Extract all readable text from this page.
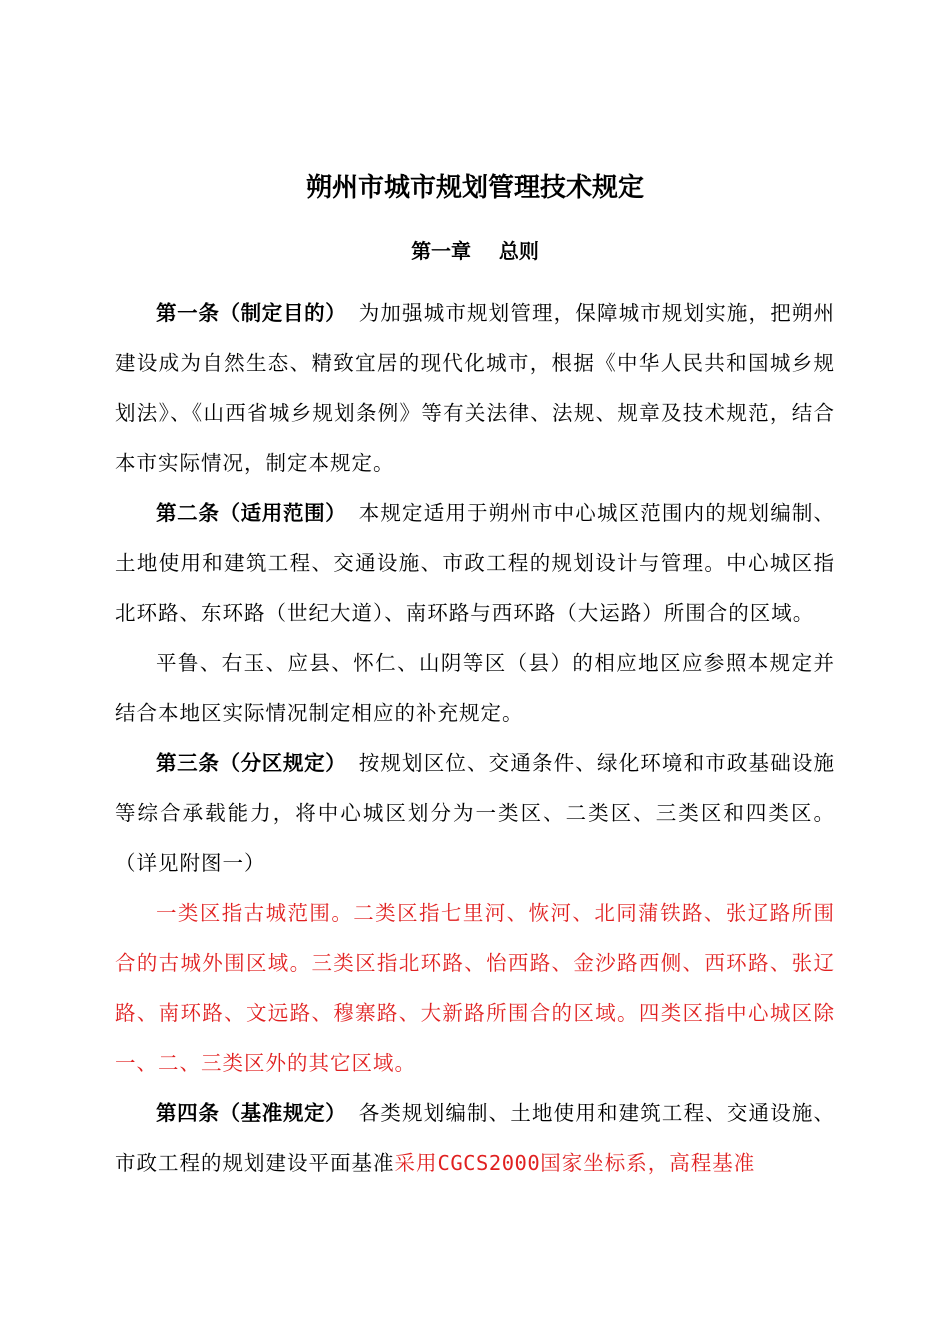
朔州市城市规划管理技术规定
第一章    总则

第一条（制定目的） 为加强城市规划管理，保障城市规划实施，把朔州建设成为自然生态、精致宜居的现代化城市，根据《中华人民共和国城乡规划法》、《山西省城乡规划条例》等有关法律、法规、规章及技术规范，结合本市实际情况，制定本规定。

第二条（适用范围） 本规定适用于朔州市中心城区范围内的规划编制、土地使用和建筑工程、交通设施、市政工程的规划设计与管理。中心城区指北环路、东环路（世纪大道）、南环路与西环路（大运路）所围合的区域。

平鲁、右玉、应县、怀仁、山阴等区（县）的相应地区应参照本规定并结合本地区实际情况制定相应的补充规定。

第三条（分区规定） 按规划区位、交通条件、绿化环境和市政基础设施等综合承载能力，将中心城区划分为一类区、二类区、三类区和四类区。（详见附图一）

一类区指古城范围。二类区指七里河、恢河、北同蒲铁路、张辽路所围合的古城外围区域。三类区指北环路、怡西路、金沙路西侧、西环路、张辽路、南环路、文远路、穆寨路、大新路所围合的区域。四类区指中心城区除一、二、三类区外的其它区域。

第四条（基准规定） 各类规划编制、土地使用和建筑工程、交通设施、市政工程的规划建设平面基准采用CGCS2000国家坐标系，高程基准
